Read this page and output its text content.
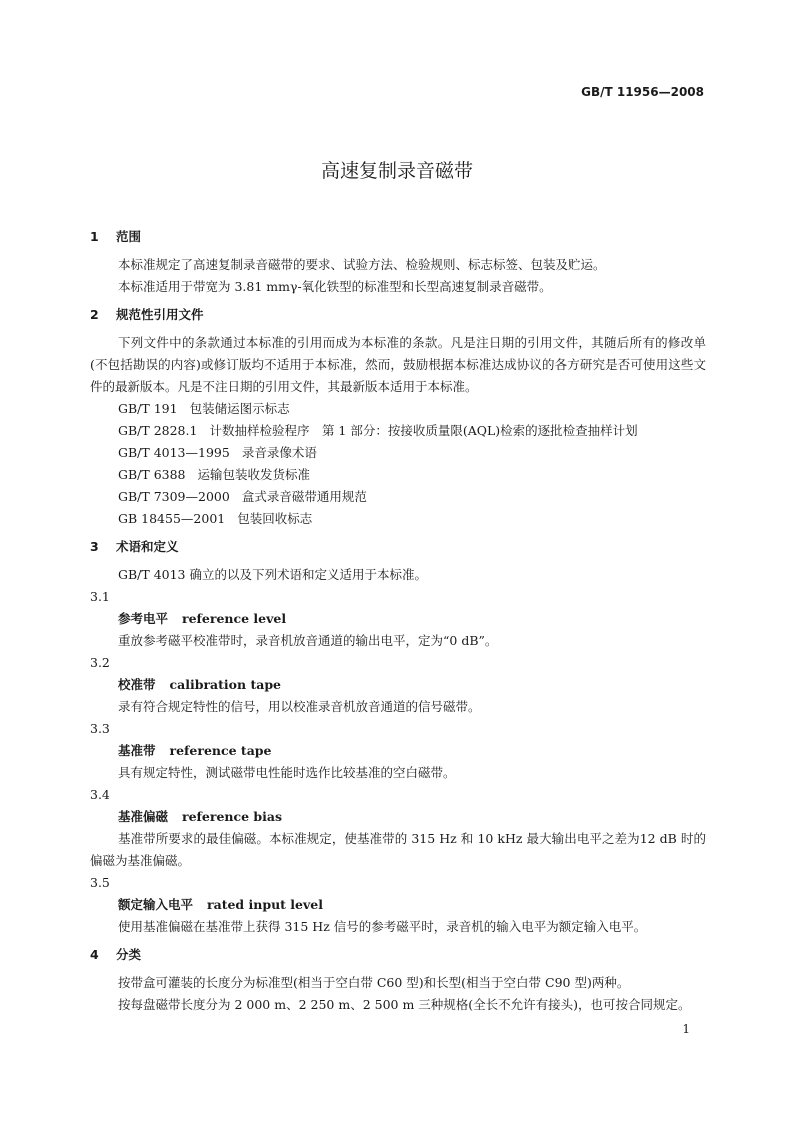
GB/T 11956—2008
高速复制录音磁带
1 范围

本标准规定了高速复制录音磁带的要求、试验方法、检验规则、标志标签、包装及贮运。

本标准适用于带宽为 3.81 mmγ-氧化铁型的标准型和长型高速复制录音磁带。

2 规范性引用文件

下列文件中的条款通过本标准的引用而成为本标准的条款。凡是注日期的引用文件，其随后所有的修改单(不包括勘误的内容)或修订版均不适用于本标准，然而，鼓励根据本标准达成协议的各方研究是否可使用这些文件的最新版本。凡是不注日期的引用文件，其最新版本适用于本标准。

GB/T 191 包装储运图示标志
GB/T 2828.1 计数抽样检验程序　第 1 部分：按接收质量限(AQL)检索的逐批检查抽样计划
GB/T 4013—1995 录音录像术语
GB/T 6388 运输包装收发货标准
GB/T 7309—2000 盒式录音磁带通用规范
GB 18455—2001 包装回收标志
3 术语和定义

GB/T 4013 确立的以及下列术语和定义适用于本标准。

3.1
参考电平 reference level

重放参考磁平校准带时，录音机放音通道的输出电平，定为“0 dB”。

3.2
校准带 calibration tape

录有符合规定特性的信号，用以校准录音机放音通道的信号磁带。

3.3
基准带 reference tape

具有规定特性，测试磁带电性能时选作比较基准的空白磁带。

3.4
基准偏磁 reference bias

基准带所要求的最佳偏磁。本标准规定，使基准带的 315 Hz 和 10 kHz 最大输出电平之差为12 dB 时的偏磁为基准偏磁。

3.5
额定输入电平 rated input level

使用基准偏磁在基准带上获得 315 Hz 信号的参考磁平时，录音机的输入电平为额定输入电平。

4 分类

按带盒可灌装的长度分为标准型(相当于空白带 C60 型)和长型(相当于空白带 C90 型)两种。

按每盘磁带长度分为 2 000 m、2 250 m、2 500 m 三种规格(全长不允许有接头)，也可按合同规定。

1
